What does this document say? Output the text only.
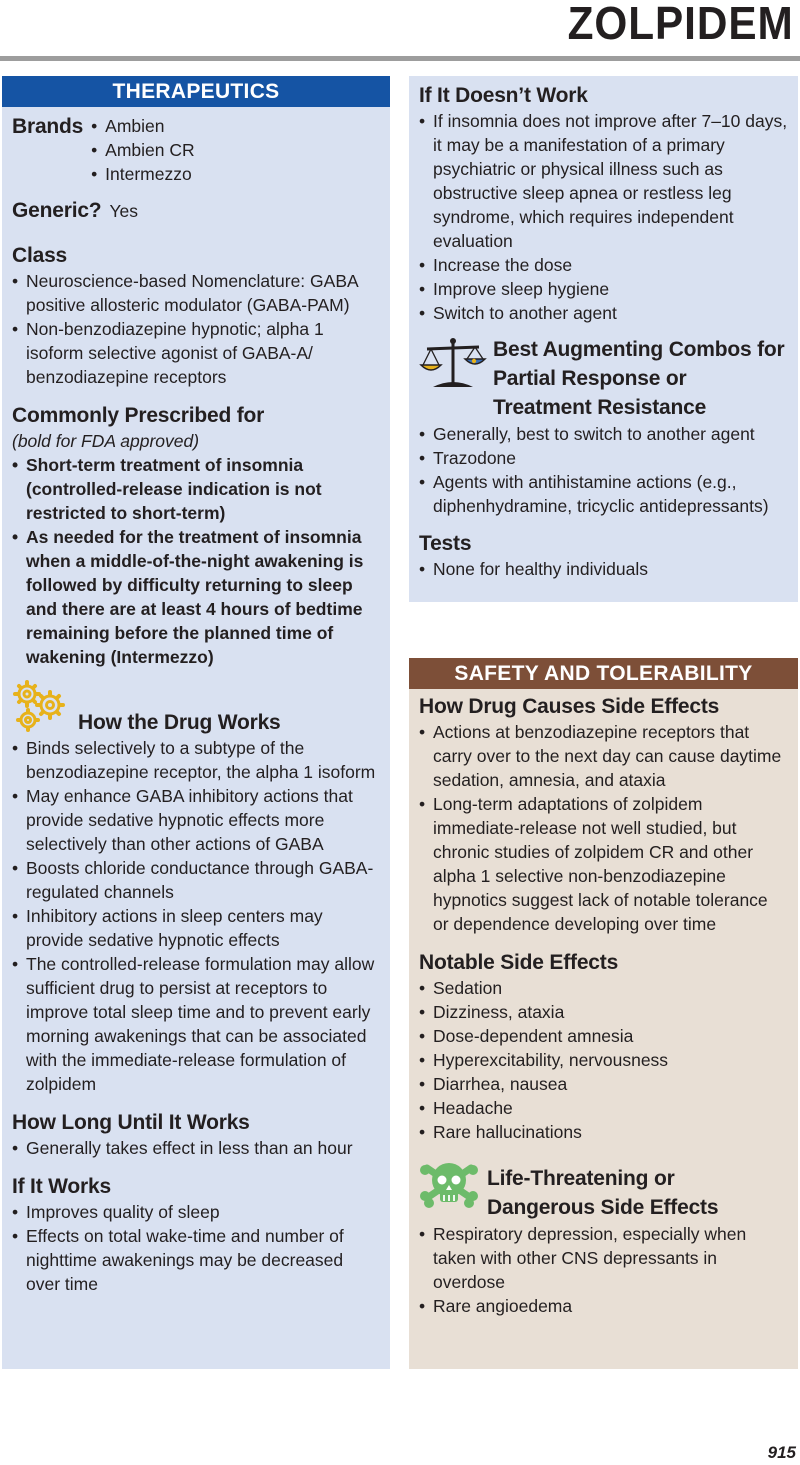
ZOLPIDEM
THERAPEUTICS
Brands
•	Ambien
• Ambien CR
• Intermezzo
Generic? Yes
Class
• Neuroscience-based Nomenclature: GABA positive allosteric modulator (GABA-PAM)
• Non-benzodiazepine hypnotic; alpha 1 isoform selective agonist of GABA-A/ benzodiazepine receptors
Commonly Prescribed for
(bold for FDA approved)
• Short-term treatment of insomnia (controlled-release indication is not restricted to short-term)
• As needed for the treatment of insomnia when a middle-of-the-night awakening is followed by difficulty returning to sleep and there are at least 4 hours of bedtime remaining before the planned time of wakening (Intermezzo)
How the Drug Works
• Binds selectively to a subtype of the benzodiazepine receptor, the alpha 1 isoform
• May enhance GABA inhibitory actions that provide sedative hypnotic effects more selectively than other actions of GABA
• Boosts chloride conductance through GABA-regulated channels
• Inhibitory actions in sleep centers may provide sedative hypnotic effects
• The controlled-release formulation may allow sufficient drug to persist at receptors to improve total sleep time and to prevent early morning awakenings that can be associated with the immediate-release formulation of zolpidem
How Long Until It Works
• Generally takes effect in less than an hour
If It Works
• Improves quality of sleep
• Effects on total wake-time and number of nighttime awakenings may be decreased over time
If It Doesn’t Work
• If insomnia does not improve after 7–10 days, it may be a manifestation of a primary psychiatric or physical illness such as obstructive sleep apnea or restless leg syndrome, which requires independent evaluation
• Increase the dose
• Improve sleep hygiene
• Switch to another agent
Best Augmenting Combos for
Partial Response or
Treatment Resistance
• Generally, best to switch to another agent
• Trazodone
• Agents with antihistamine actions (e.g., diphenhydramine, tricyclic antidepressants)
Tests
• None for healthy individuals
SAFETY AND TOLERABILITY
How Drug Causes Side Effects
• Actions at benzodiazepine receptors that carry over to the next day can cause daytime sedation, amnesia, and ataxia
• Long-term adaptations of zolpidem immediate-release not well studied, but chronic studies of zolpidem CR and other alpha 1 selective non-benzodiazepine hypnotics suggest lack of notable tolerance or dependence developing over time
Notable Side Effects
• Sedation
• Dizziness, ataxia
• Dose-dependent amnesia
• Hyperexcitability, nervousness
• Diarrhea, nausea
• Headache
• Rare hallucinations
Life-Threatening or
Dangerous Side Effects
• Respiratory depression, especially when taken with other CNS depressants in overdose
• Rare angioedema
915
